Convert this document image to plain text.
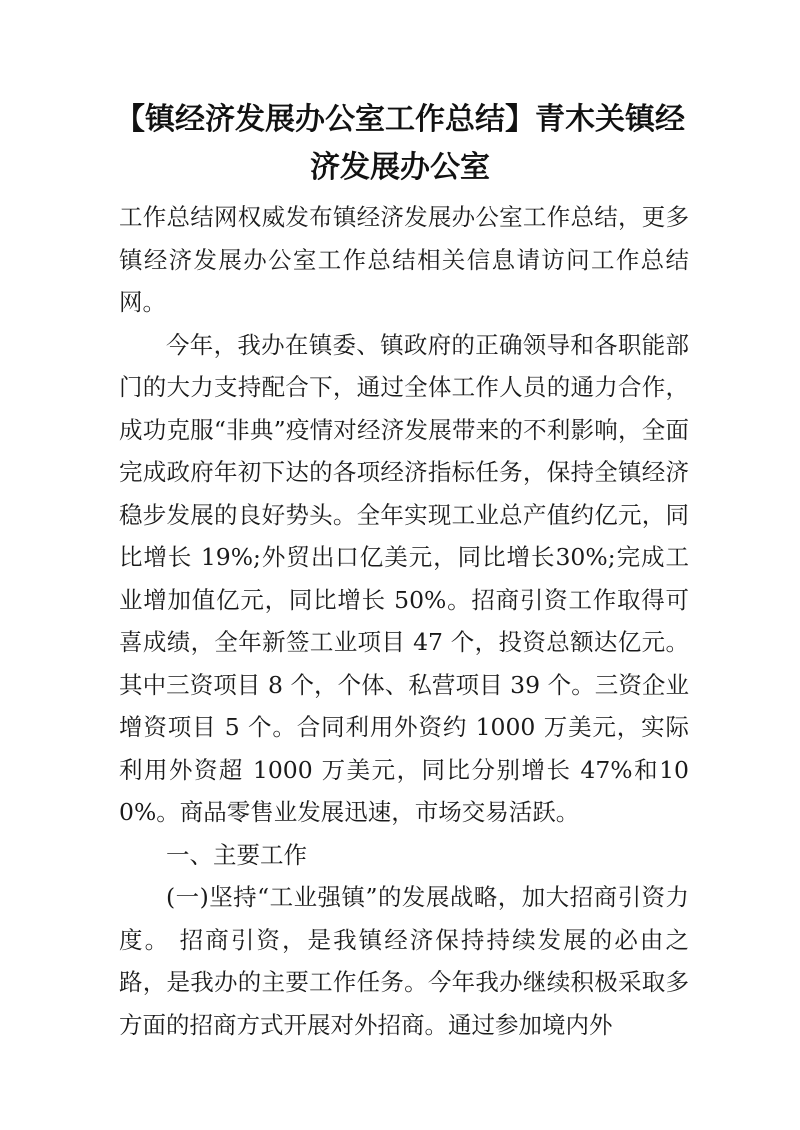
【镇经济发展办公室工作总结】青木关镇经济发展办公室

工作总结网权威发布镇经济发展办公室工作总结，更多镇经济发展办公室工作总结相关信息请访问工作总结网。

今年，我办在镇委、镇政府的正确领导和各职能部门的大力支持配合下，通过全体工作人员的通力合作，成功克服“非典”疫情对经济发展带来的不利影响，全面完成政府年初下达的各项经济指标任务，保持全镇经济稳步发展的良好势头。全年实现工业总产值约亿元，同比增长 19%;外贸出口亿美元，同比增长30%;完成工业增加值亿元，同比增长 50%。招商引资工作取得可喜成绩，全年新签工业项目 47 个，投资总额达亿元。其中三资项目 8 个，个体、私营项目 39 个。三资企业增资项目 5 个。合同利用外资约 1000 万美元，实际利用外资超 1000 万美元，同比分别增长 47%和100%。商品零售业发展迅速，市场交易活跃。

一、主要工作

(一)坚持“工业强镇”的发展战略，加大招商引资力度。 招商引资，是我镇经济保持持续发展的必由之路，是我办的主要工作任务。今年我办继续积极采取多方面的招商方式开展对外招商。通过参加境内外
